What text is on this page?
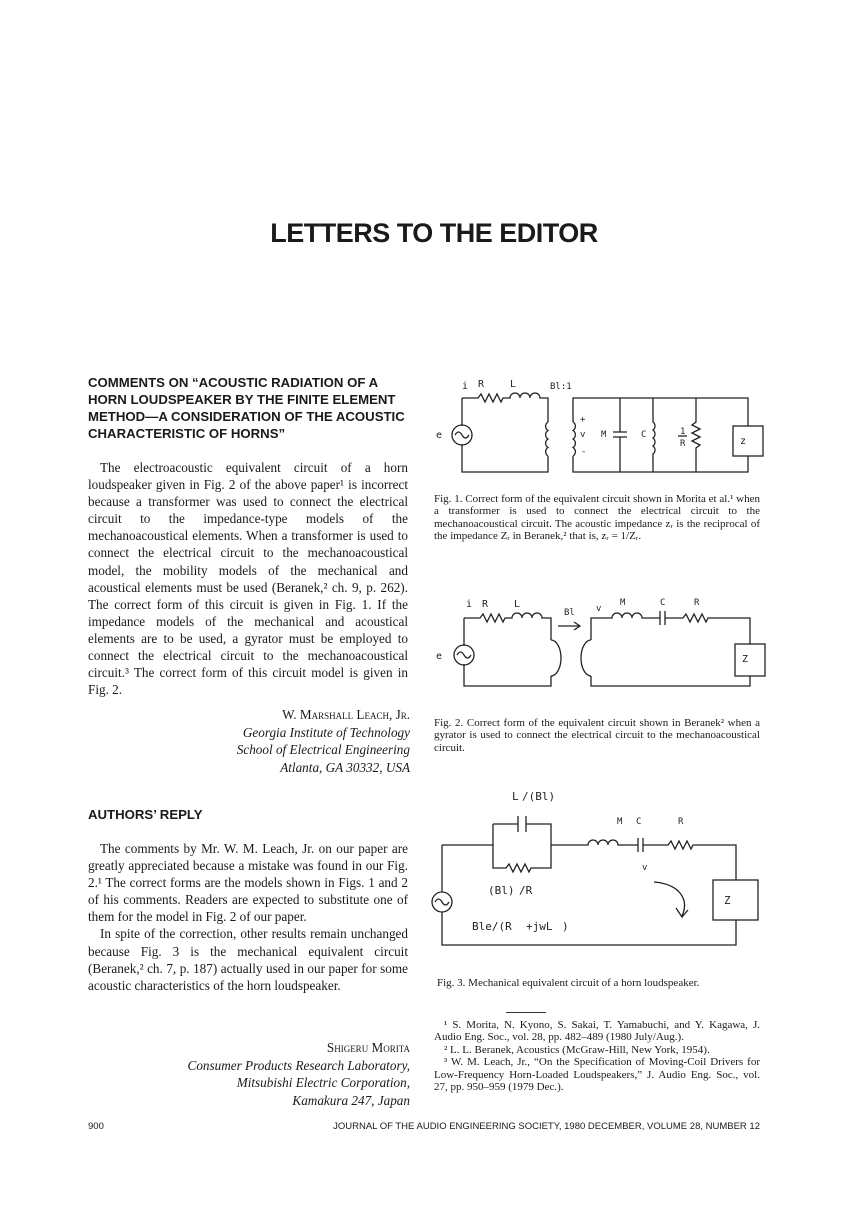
LETTERS TO THE EDITOR
COMMENTS ON “ACOUSTIC RADIATION OF A HORN LOUDSPEAKER BY THE FINITE ELEMENT METHOD—A CONSIDERATION OF THE ACOUSTIC CHARACTERISTIC OF HORNS”

The electroacoustic equivalent circuit of a horn loudspeaker given in Fig. 2 of the above paper¹ is incorrect because a transformer was used to connect the electrical circuit to the impedance-type models of the mechanoacoustical elements. When a transformer is used to connect the electrical circuit to the mechanoacoustical model, the mobility models of the mechanical and acoustical elements must be used (Beranek,² ch. 9, p. 262). The correct form of this circuit is given in Fig. 1. If the impedance models of the mechanical and acoustical elements are to be used, a gyrator must be employed to connect the electrical circuit to the mechanoacoustical circuit.³ The correct form of this circuit model is given in Fig. 2.

W. Marshall Leach, Jr.
Georgia Institute of Technology
School of Electrical Engineering
Atlanta, GA 30332, USA
AUTHORS’ REPLY

The comments by Mr. W. M. Leach, Jr. on our paper are greatly appreciated because a mistake was found in our Fig. 2.¹ The correct forms are the models shown in Figs. 1 and 2 of his comments. Readers are expected to substitute one of them for the model in Fig. 2 of our paper.

In spite of the correction, other results remain unchanged because Fig. 3 is the mechanical equivalent circuit (Beranek,² ch. 7, p. 187) actually used in our paper for some acoustic characteristics of the horn loudspeaker.

Shigeru Morita
Consumer Products Research Laboratory,
Mitsubishi Electric Corporation,
Kamakura 247, Japan
i R	L	Bl:1
e
+
v
-
M	C	1
R	z
Fig. 1. Correct form of the equivalent circuit shown in Morita et al.¹ when a transformer is used to connect the electrical circuit to the mechanoacoustical circuit. The acoustic impedance zᵣ is the reciprocal of the impedance Zᵣ in Beranek,² that is, zᵣ = 1/Zᵣ.
i R	L
e
Bl v
M	C	R
Z
Fig. 2. Correct form of the equivalent circuit shown in Beranek² when a gyrator is used to connect the electrical circuit to the mechanoacoustical circuit.
L /(Bl)
M C	R
Z
v
(Bl) /R
Ble/(R +jwL )
Fig. 3. Mechanical equivalent circuit of a horn loudspeaker.
¹ S. Morita, N. Kyono, S. Sakai, T. Yamabuchi, and Y. Kagawa, J. Audio Eng. Soc., vol. 28, pp. 482–489 (1980 July/Aug.).
² L. L. Beranek, Acoustics (McGraw-Hill, New York, 1954).
³ W. M. Leach, Jr., “On the Specification of Moving-Coil Drivers for Low-Frequency Horn-Loaded Loudspeakers,” J. Audio Eng. Soc., vol. 27, pp. 950–959 (1979 Dec.).
900	JOURNAL OF THE AUDIO ENGINEERING SOCIETY, 1980 DECEMBER, VOLUME 28, NUMBER 12
